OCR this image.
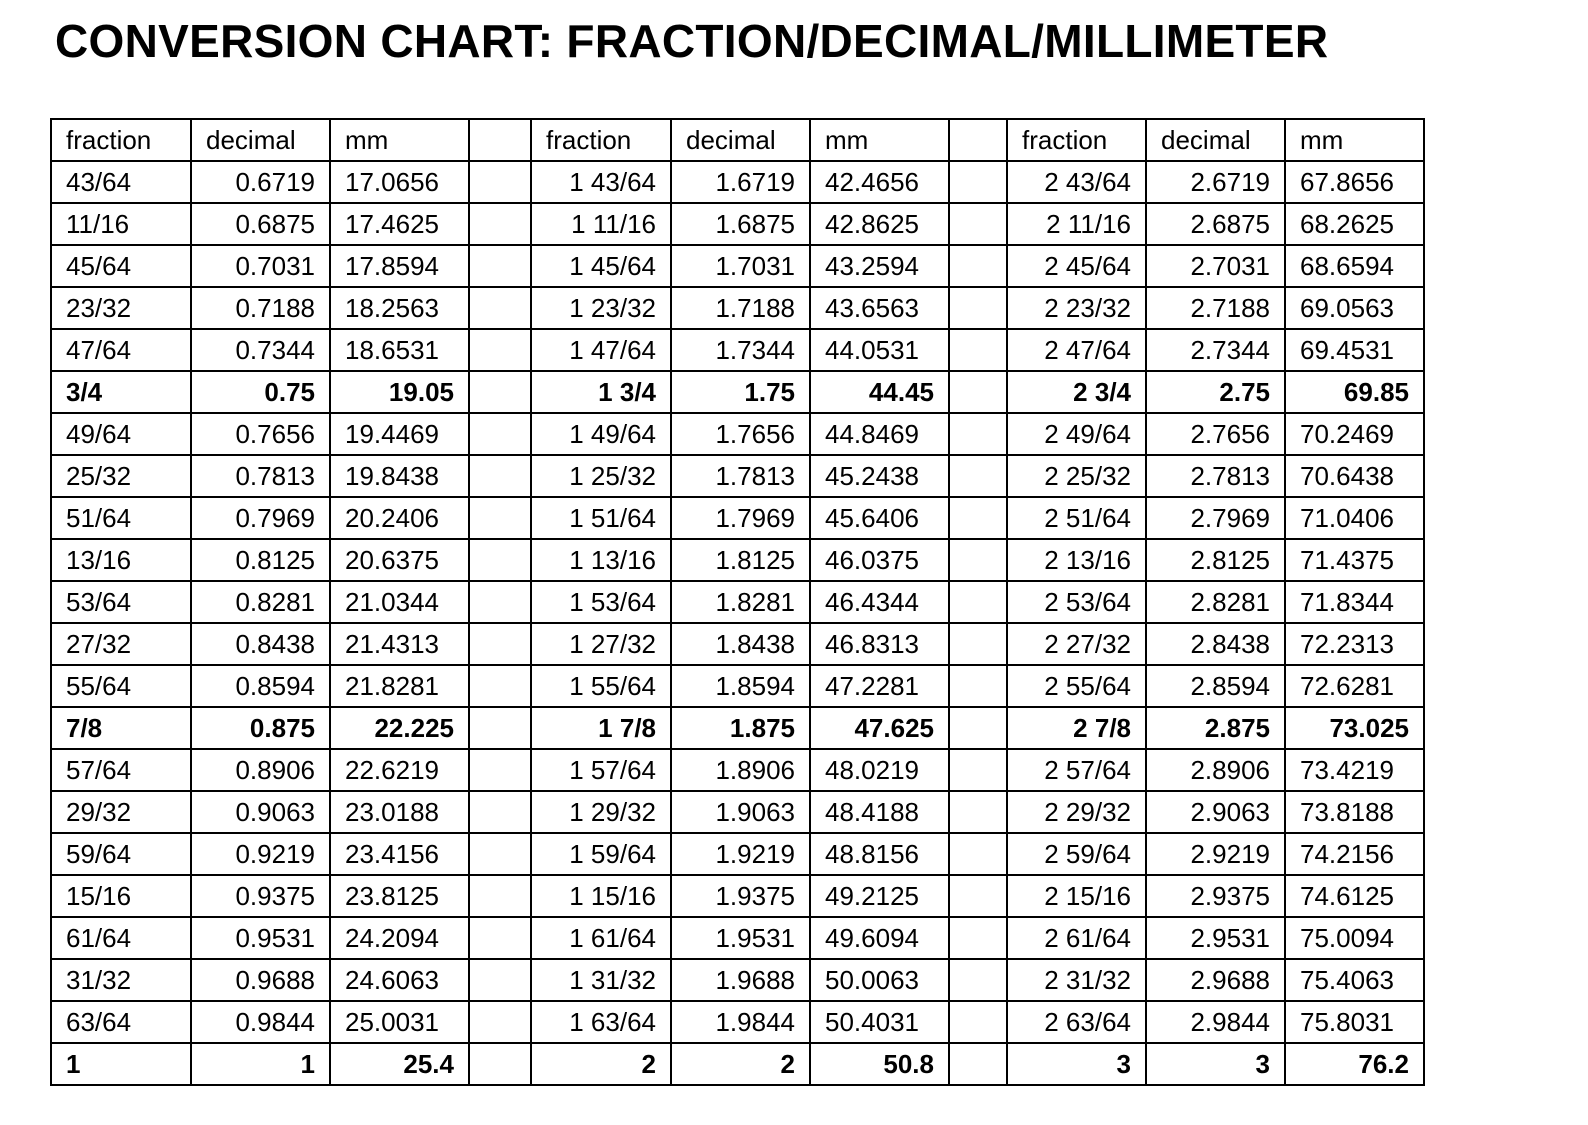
CONVERSION CHART: FRACTION/DECIMAL/MILLIMETER
fraction	decimal	mm		fraction	decimal	mm		fraction	decimal	mm
43/64	0.6719	17.0656		1 43/64	1.6719	42.4656		2 43/64	2.6719	67.8656
11/16	0.6875	17.4625		1 11/16	1.6875	42.8625		2 11/16	2.6875	68.2625
45/64	0.7031	17.8594		1 45/64	1.7031	43.2594		2 45/64	2.7031	68.6594
23/32	0.7188	18.2563		1 23/32	1.7188	43.6563		2 23/32	2.7188	69.0563
47/64	0.7344	18.6531		1 47/64	1.7344	44.0531		2 47/64	2.7344	69.4531
3/4	0.75	19.05		1 3/4	1.75	44.45		2 3/4	2.75	69.85
49/64	0.7656	19.4469		1 49/64	1.7656	44.8469		2 49/64	2.7656	70.2469
25/32	0.7813	19.8438		1 25/32	1.7813	45.2438		2 25/32	2.7813	70.6438
51/64	0.7969	20.2406		1 51/64	1.7969	45.6406		2 51/64	2.7969	71.0406
13/16	0.8125	20.6375		1 13/16	1.8125	46.0375		2 13/16	2.8125	71.4375
53/64	0.8281	21.0344		1 53/64	1.8281	46.4344		2 53/64	2.8281	71.8344
27/32	0.8438	21.4313		1 27/32	1.8438	46.8313		2 27/32	2.8438	72.2313
55/64	0.8594	21.8281		1 55/64	1.8594	47.2281		2 55/64	2.8594	72.6281
7/8	0.875	22.225		1 7/8	1.875	47.625		2 7/8	2.875	73.025
57/64	0.8906	22.6219		1 57/64	1.8906	48.0219		2 57/64	2.8906	73.4219
29/32	0.9063	23.0188		1 29/32	1.9063	48.4188		2 29/32	2.9063	73.8188
59/64	0.9219	23.4156		1 59/64	1.9219	48.8156		2 59/64	2.9219	74.2156
15/16	0.9375	23.8125		1 15/16	1.9375	49.2125		2 15/16	2.9375	74.6125
61/64	0.9531	24.2094		1 61/64	1.9531	49.6094		2 61/64	2.9531	75.0094
31/32	0.9688	24.6063		1 31/32	1.9688	50.0063		2 31/32	2.9688	75.4063
63/64	0.9844	25.0031		1 63/64	1.9844	50.4031		2 63/64	2.9844	75.8031
1	1	25.4		2	2	50.8		3	3	76.2
